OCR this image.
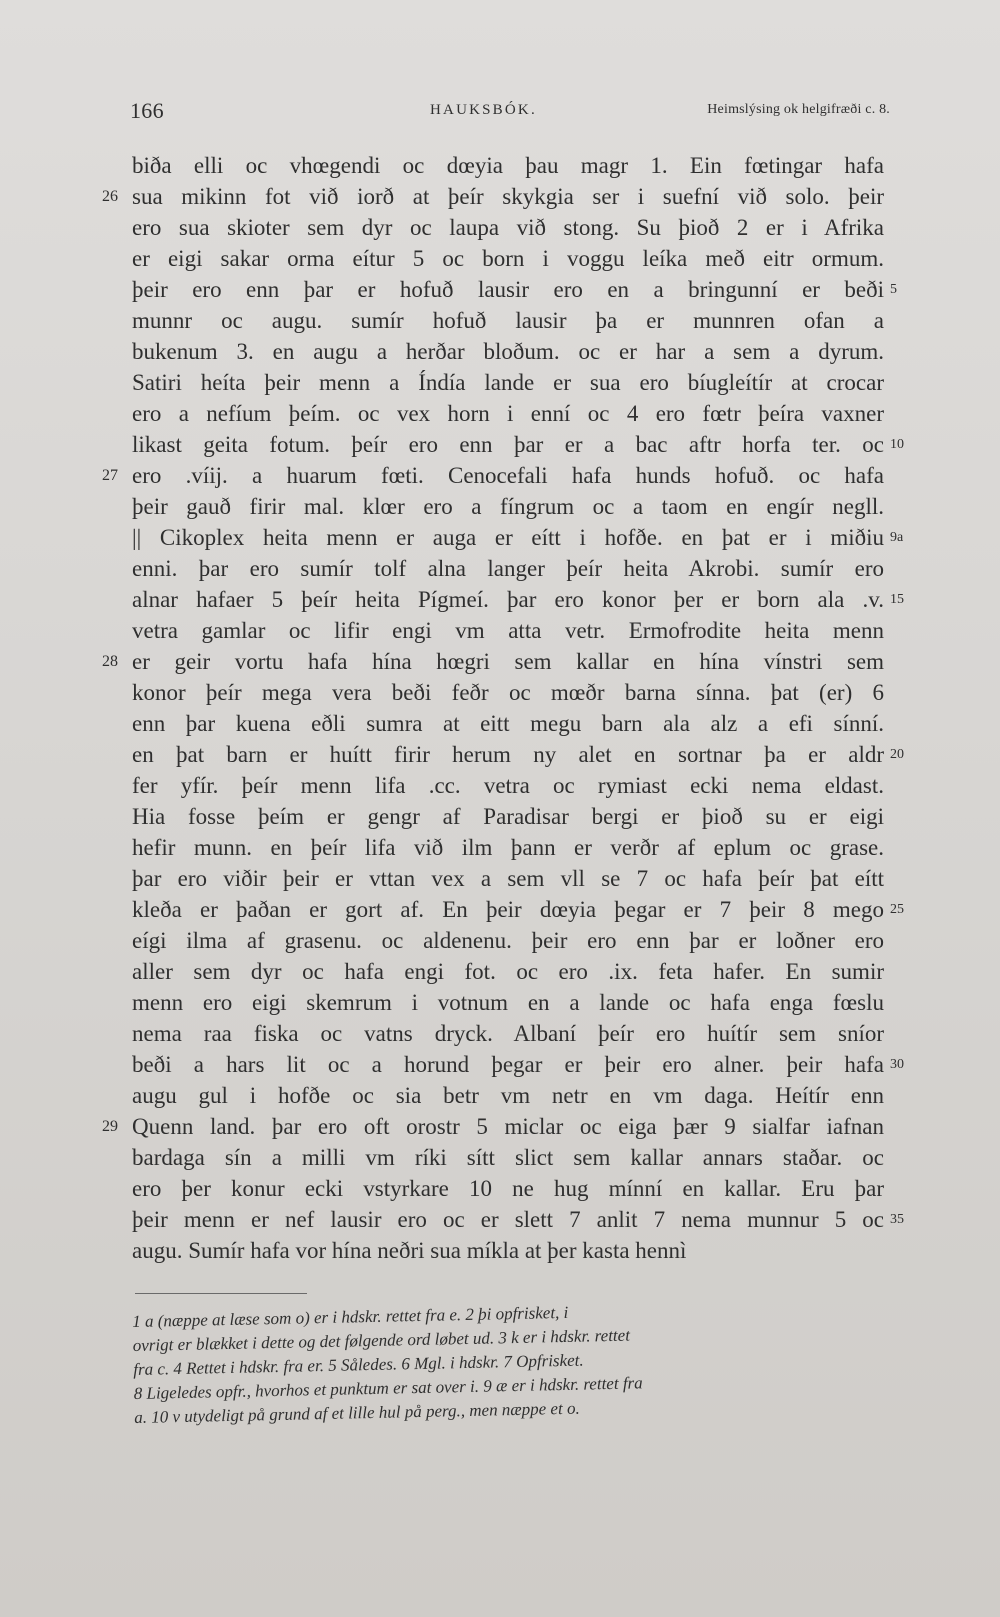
166	HAUKSBÓK.	Heimslýsing ok helgifræði c. 8.
biða elli oc vhœgendi oc dœyia þau magr 1. Ein fœtingar hafa
26 sua mikinn fot við iorð at þeír skykgia ser i suefní við solo. þeir
ero sua skioter sem dyr oc laupa við stong. Su þioð 2 er i Afrika
er eigi sakar orma eítur 5 oc born i voggu leíka með eitr ormum.
þeir ero enn þar er hofuð lausir ero en a bringunní er beði 5
munnr oc augu. sumír hofuð lausir þa er munnren ofan a
bukenum 3. en augu a herðar bloðum. oc er har a sem a dyrum.
Satiri heíta þeir menn a Índía lande er sua ero bíugleítír at crocar
ero a nefíum þeím. oc vex horn i enní oc 4 ero fœtr þeíra vaxner
likast geita fotum. þeír ero enn þar er a bac aftr horfa ter. oc 10
27 ero .víij. a huarum fœti. Cenocefali hafa hunds hofuð. oc hafa
þeir gauð firir mal. klœr ero a fíngrum oc a taom en engír negll.
|| Cikoplex heita menn er auga er eítt i hofðe. en þat er i miðiu 9a
enni. þar ero sumír tolf alna langer þeír heita Akrobi. sumír ero
alnar hafaer 5 þeír heita Pígmeí. þar ero konor þer er born ala .v. 15
vetra gamlar oc lifir engi vm atta vetr. Ermofrodite heita menn
28 er geir vortu hafa hína hœgri sem kallar en hína vínstri sem
konor þeír mega vera beði feðr oc mœðr barna sínna. þat (er) 6
enn þar kuena eðli sumra at eitt megu barn ala alz a efi sínní.
en þat barn er huítt firir herum ny alet en sortnar þa er aldr 20
fer yfír. þeír menn lifa .cc. vetra oc rymiast ecki nema eldast.
Hia fosse þeím er gengr af Paradisar bergi er þioð su er eigi
hefir munn. en þeír lifa við ilm þann er verðr af eplum oc grase.
þar ero viðir þeir er vttan vex a sem vll se 7 oc hafa þeír þat eítt
kleða er þaðan er gort af. En þeir dœyia þegar er 7 þeir 8 mego 25
eígi ilma af grasenu. oc aldenenu. þeir ero enn þar er loðner ero
aller sem dyr oc hafa engi fot. oc ero .ix. feta hafer. En sumir
menn ero eigi skemrum i votnum en a lande oc hafa enga fœslu
nema raa fiska oc vatns dryck. Albaní þeír ero huítír sem sníor
beði a hars lit oc a horund þegar er þeir ero alner. þeir hafa 30
augu gul i hofðe oc sia betr vm netr en vm daga. Heítír enn
29 Quenn land. þar ero oft orostr 5 miclar oc eiga þær 9 sialfar iafnan
bardaga sín a milli vm ríki sítt slict sem kallar annars staðar. oc
ero þer konur ecki vstyrkare 10 ne hug mínní en kallar. Eru þar
þeir menn er nef lausir ero oc er slett 7 anlit 7 nema munnur 5 oc 35
augu. Sumír hafa vor hína neðri sua míkla at þer kasta hennì
1 a (næppe at læse som o) er i hdskr. rettet fra e. 2 þi opfrisket, i
ovrigt er blækket i dette og det følgende ord løbet ud. 3 k er i hdskr. rettet
fra c. 4 Rettet i hdskr. fra er. 5 Således. 6 Mgl. i hdskr. 7 Opfrisket.
8 Ligeledes opfr., hvorhos et punktum er sat over i. 9 æ er i hdskr. rettet fra
a. 10 v utydeligt på grund af et lille hul på perg., men næppe et o.
